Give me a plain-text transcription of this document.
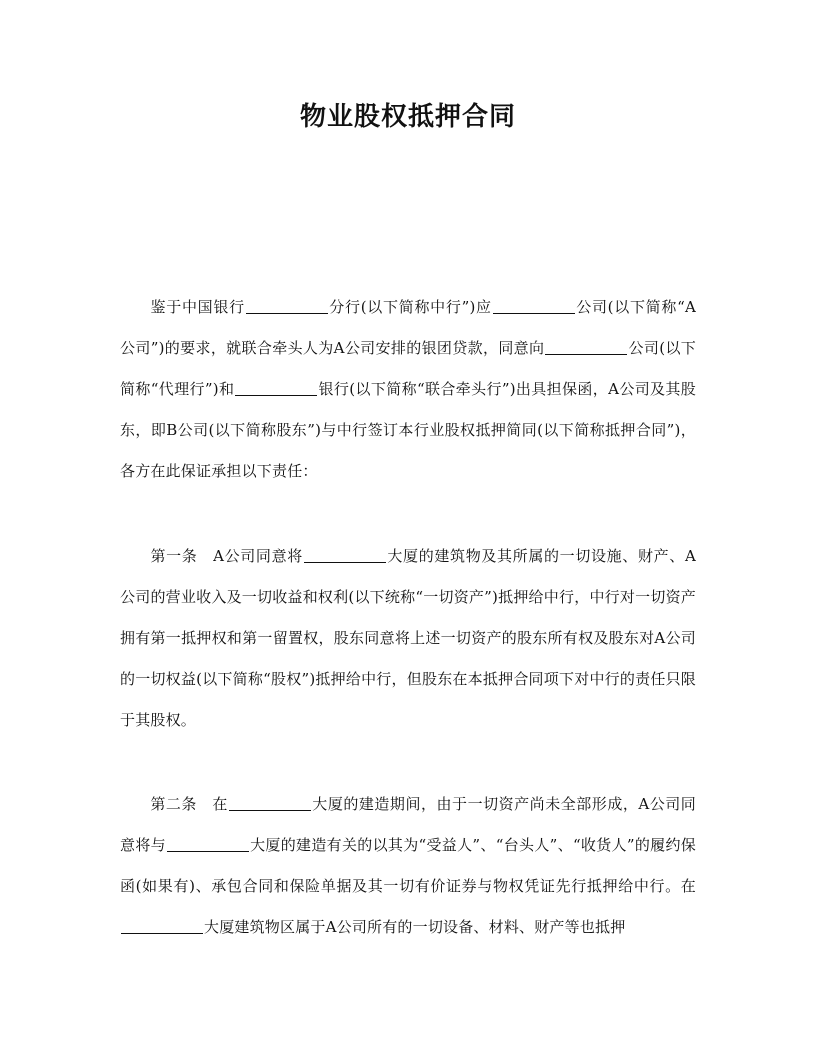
物业股权抵押合同

鉴于中国银行	分行(以下简称中行”)应	公司(以下简称“A公司”)的要求，就联合牵头人为A公司安排的银团贷款，同意向	公司(以下简称“代理行”)和	银行(以下简称“联合牵头行”)出具担保函，A公司及其股东，即B公司(以下简称股东”)与中行签订本行业股权抵押简同(以下简称抵押合同”)，各方在此保证承担以下责任：

第一条　A公司同意将	大厦的建筑物及其所属的一切设施、财产、A公司的营业收入及一切收益和权利(以下统称“一切资产”)抵押给中行，中行对一切资产拥有第一抵押权和第一留置权，股东同意将上述一切资产的股东所有权及股东对A公司的一切权益(以下简称“股权”)抵押给中行，但股东在本抵押合同项下对中行的责任只限于其股权。

第二条　在	大厦的建造期间，由于一切资产尚未全部形成，A公司同意将与	大厦的建造有关的以其为“受益人”、“台头人”、“收货人”的履约保函(如果有)、承包合同和保险单据及其一切有价证券与物权凭证先行抵押给中行。在大厦建筑物区属于A公司所有的一切设备、材料、财产等也抵押
